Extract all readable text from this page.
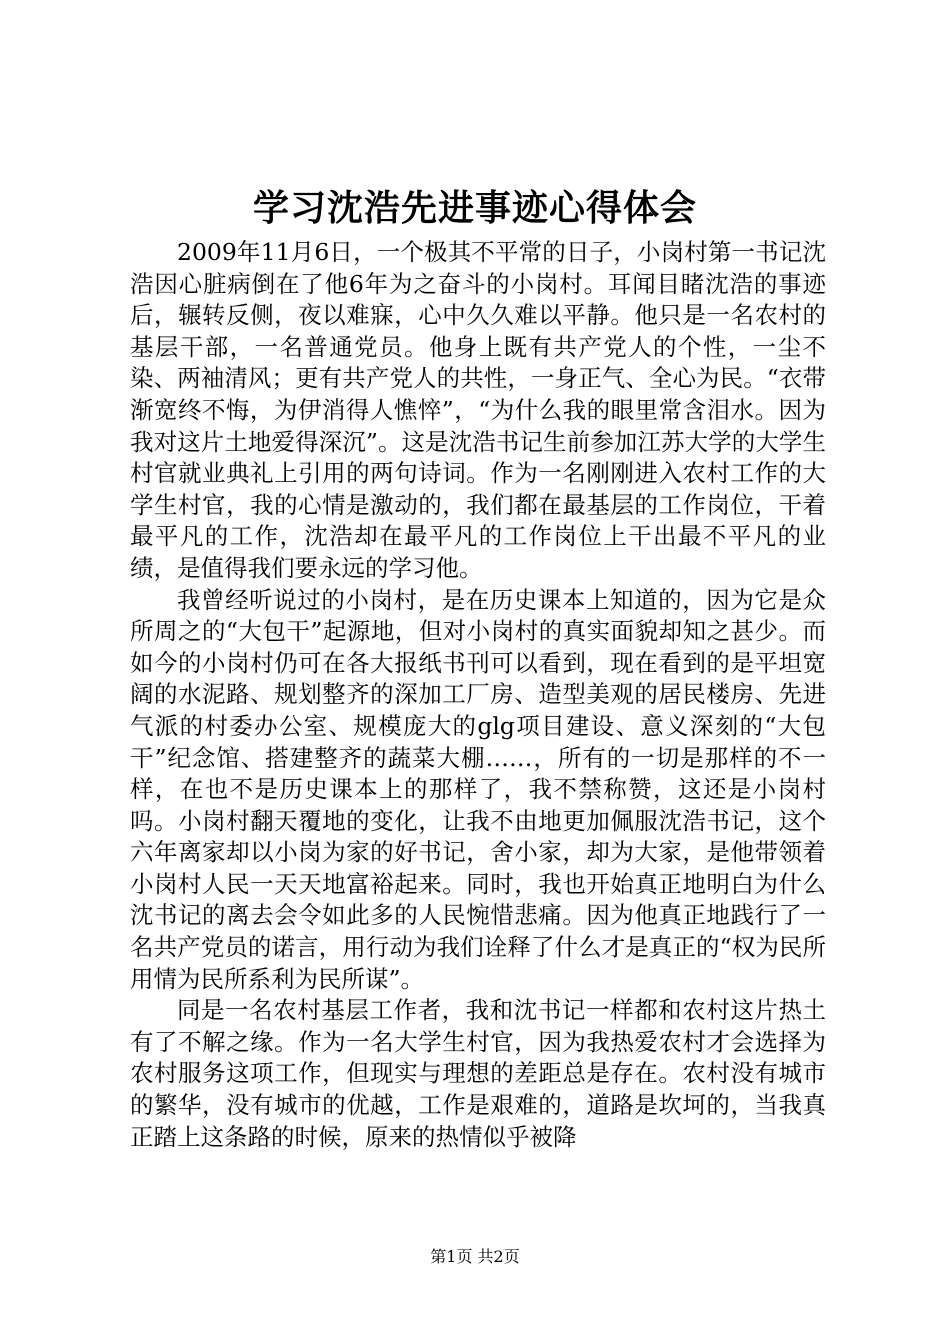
学习沈浩先进事迹心得体会

2009年11月6日，一个极其不平常的日子，小岗村第一书记沈浩因心脏病倒在了他6年为之奋斗的小岗村。耳闻目睹沈浩的事迹后，辗转反侧，夜以难寐，心中久久难以平静。他只是一名农村的基层干部，一名普通党员。他身上既有共产党人的个性，一尘不染、两袖清风；更有共产党人的共性，一身正气、全心为民。“衣带渐宽终不悔，为伊消得人憔悴”，“为什么我的眼里常含泪水。因为我对这片土地爱得深沉”。这是沈浩书记生前参加江苏大学的大学生村官就业典礼上引用的两句诗词。作为一名刚刚进入农村工作的大学生村官，我的心情是激动的，我们都在最基层的工作岗位，干着最平凡的工作，沈浩却在最平凡的工作岗位上干出最不平凡的业绩，是值得我们要永远的学习他。

我曾经听说过的小岗村，是在历史课本上知道的，因为它是众所周之的“大包干”起源地，但对小岗村的真实面貌却知之甚少。而如今的小岗村仍可在各大报纸书刊可以看到，现在看到的是平坦宽阔的水泥路、规划整齐的深加工厂房、造型美观的居民楼房、先进气派的村委办公室、规模庞大的glg项目建设、意义深刻的“大包干”纪念馆、搭建整齐的蔬菜大棚……，所有的一切是那样的不一样，在也不是历史课本上的那样了，我不禁称赞，这还是小岗村吗。小岗村翻天覆地的变化，让我不由地更加佩服沈浩书记，这个六年离家却以小岗为家的好书记，舍小家，却为大家，是他带领着小岗村人民一天天地富裕起来。同时，我也开始真正地明白为什么沈书记的离去会令如此多的人民惋惜悲痛。因为他真正地践行了一名共产党员的诺言，用行动为我们诠释了什么才是真正的“权为民所用情为民所系利为民所谋”。

同是一名农村基层工作者，我和沈书记一样都和农村这片热土有了不解之缘。作为一名大学生村官，因为我热爱农村才会选择为农村服务这项工作，但现实与理想的差距总是存在。农村没有城市的繁华，没有城市的优越，工作是艰难的，道路是坎坷的，当我真正踏上这条路的时候，原来的热情似乎被降

第1页 共2页
